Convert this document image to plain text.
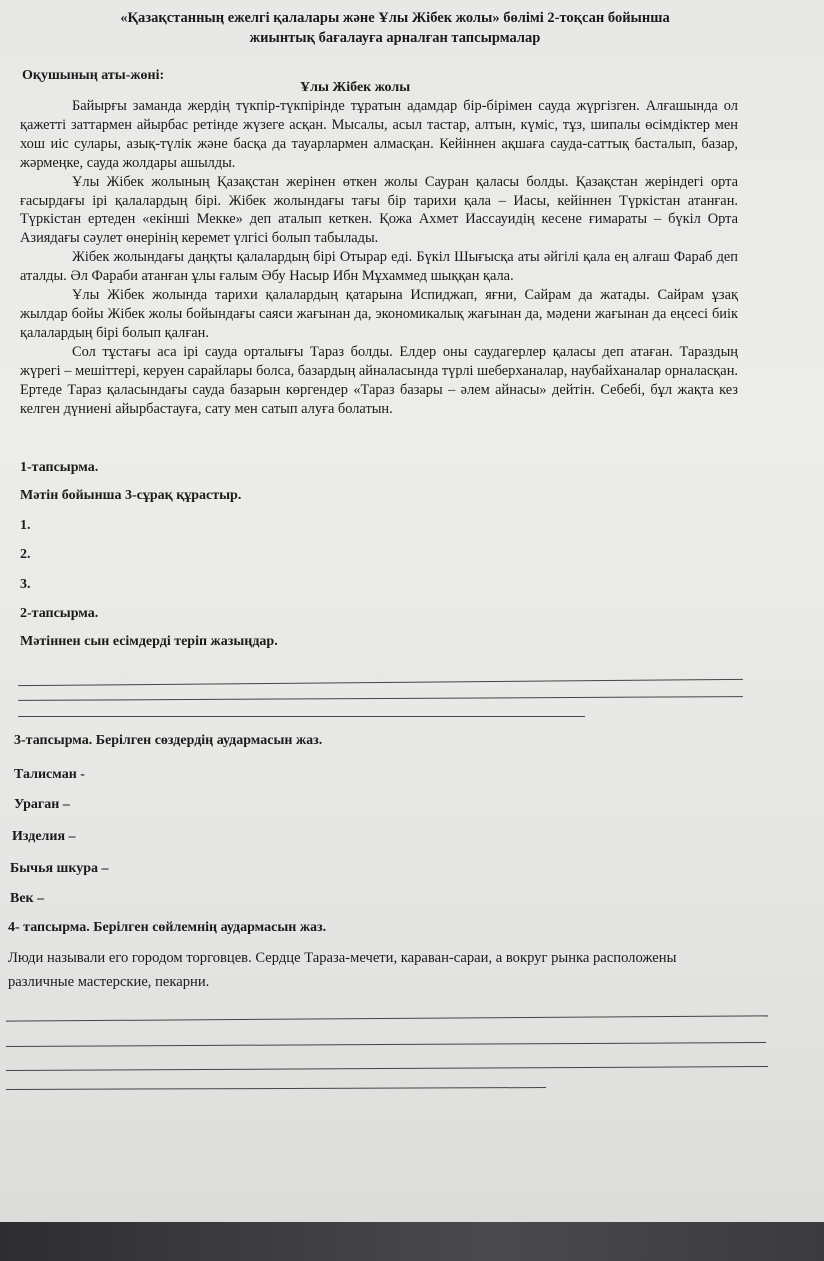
«Қазақстанның ежелгі қалалары және Ұлы Жібек жолы» бөлімі 2-тоқсан бойынша
жиынтық бағалауға арналған тапсырмалар
Оқушының аты-жөні:
Ұлы Жібек жолы

Байырғы заманда жердің түкпір-түкпірінде тұратын адамдар бір-бірімен сауда жүргізген. Алғашында ол қажетті заттармен айырбас ретінде жүзеге асқан. Мысалы, асыл тастар, алтын, күміс, тұз, шипалы өсімдіктер мен хош иіс сулары, азық-түлік және басқа да тауарлармен алмасқан. Кейіннен ақшаға сауда-саттық басталып, базар, жәрмеңке, сауда жолдары ашылды.

Ұлы Жібек жолының Қазақстан жерінен өткен жолы Сауран қаласы болды. Қазақстан жеріндегі орта ғасырдағы ірі қалалардың бірі. Жібек жолындағы тағы бір тарихи қала – Иасы, кейіннен Түркістан атанған. Түркістан ертеден «екінші Мекке» деп аталып кеткен. Қожа Ахмет Иассауидің кесене ғимараты – бүкіл Орта Азиядағы сәулет өнерінің керемет үлгісі болып табылады.

Жібек жолындағы даңқты қалалардың бірі Отырар еді. Бүкіл Шығысқа аты әйгілі қала ең алғаш Фараб деп аталды. Әл Фараби атанған ұлы ғалым Әбу Насыр Ибн Мұхаммед шыққан қала.

Ұлы Жібек жолында тарихи қалалардың қатарына Испиджап, яғни, Сайрам да жатады. Сайрам ұзақ жылдар бойы Жібек жолы бойындағы саяси жағынан да, экономикалық жағынан да, мәдени жағынан да еңсесі биік қалалардың бірі болып қалған.

Сол тұстағы аса ірі сауда орталығы Тараз болды. Елдер оны саудагерлер қаласы деп атаған. Тараздың жүрегі – мешіттері, керуен сарайлары болса, базардың айналасында түрлі шеберханалар, наубайханалар орналасқан. Ертеде Тараз қаласындағы сауда базарын көргендер «Тараз базары – әлем айнасы» дейтін. Себебі, бұл жақта кез келген дүниені айырбастауға, сату мен сатып алуға болатын.

1-тапсырма.
Мәтін бойынша 3-сұрақ құрастыр.
1.
2.
3.
2-тапсырма.
Мәтіннен сын есімдерді теріп жазыңдар.
3-тапсырма. Берілген сөздердің аудармасын жаз.
Талисман -
Ураган –
Изделия –
Бычья шкура –
Век –
4- тапсырма. Берілген сөйлемнің аудармасын жаз.
Люди называли его городом торговцев. Сердце Тараза-мечети, караван-сараи, а вокруг рынка расположены различные мастерские, пекарни.
